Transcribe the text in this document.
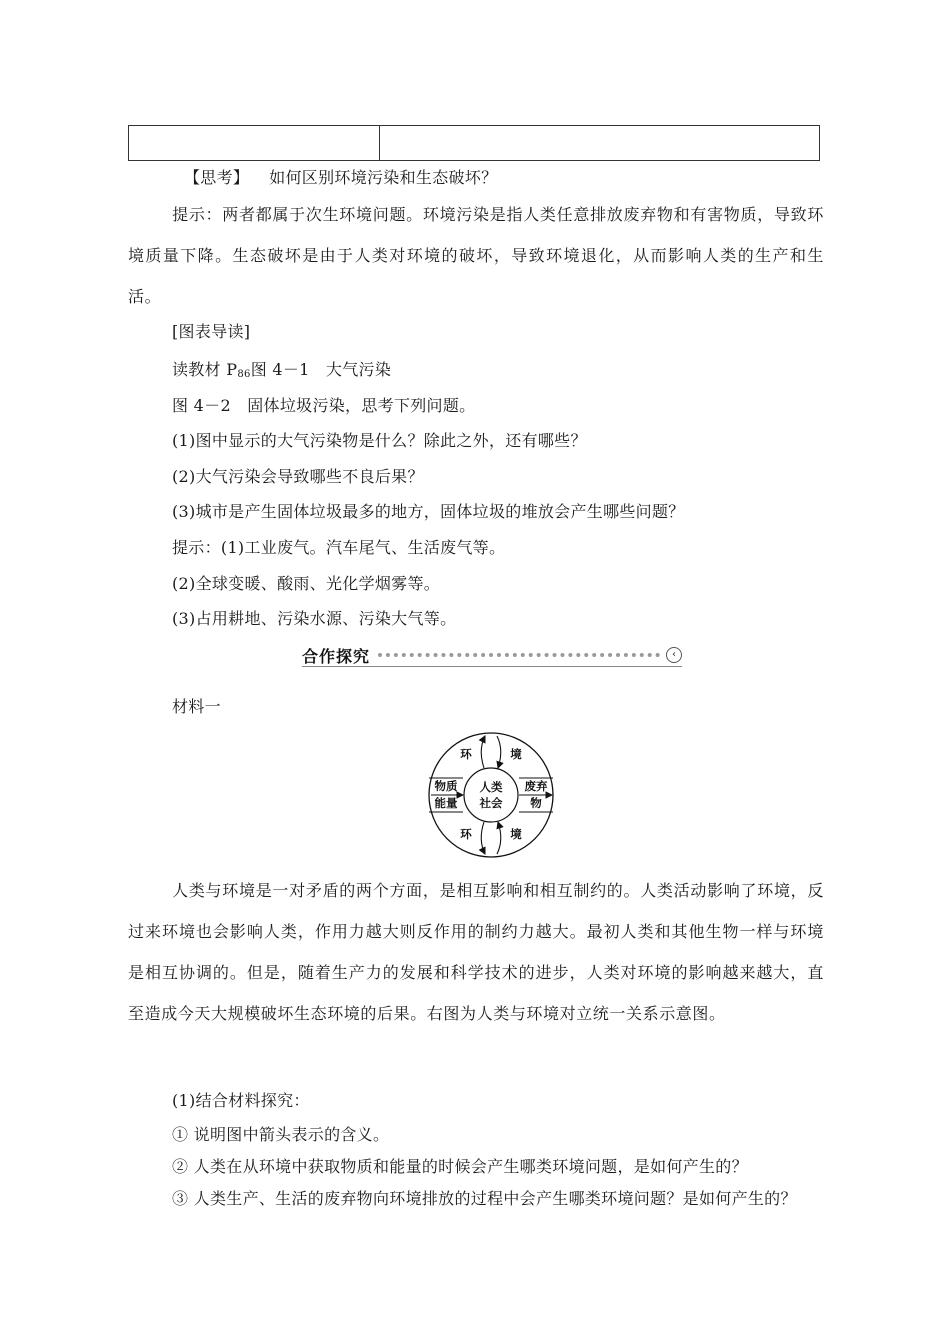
【思考】 如何区别环境污染和生态破坏？
提示：两者都属于次生环境问题。环境污染是指人类任意排放废弃物和有害物质，导致环境质量下降。生态破坏是由于人类对环境的破坏，导致环境退化，从而影响人类的生产和生活。
[图表导读]
读教材 $P_{86}$图 4－1　大气污染
图 4－2　固体垃圾污染，思考下列问题。
(1)图中显示的大气污染物是什么？除此之外，还有哪些？
(2)大气污染会导致哪些不良后果？
(3)城市是产生固体垃圾最多的地方，固体垃圾的堆放会产生哪些问题？
提示：(1)工业废气。汽车尾气、生活废气等。
(2)全球变暖、酸雨、光化学烟雾等。
(3)占用耕地、污染水源、污染大气等。
合作探究	‹
材料一
环	境
环	境
物质
能量
废弃
物
人类
社会
人类与环境是一对矛盾的两个方面，是相互影响和相互制约的。人类活动影响了环境，反过来环境也会影响人类，作用力越大则反作用的制约力越大。最初人类和其他生物一样与环境是相互协调的。但是，随着生产力的发展和科学技术的进步，人类对环境的影响越来越大，直至造成今天大规模破坏生态环境的后果。右图为人类与环境对立统一关系示意图。
(1)结合材料探究：
① 说明图中箭头表示的含义。
② 人类在从环境中获取物质和能量的时候会产生哪类环境问题，是如何产生的？
③ 人类生产、生活的废弃物向环境排放的过程中会产生哪类环境问题？是如何产生的？
